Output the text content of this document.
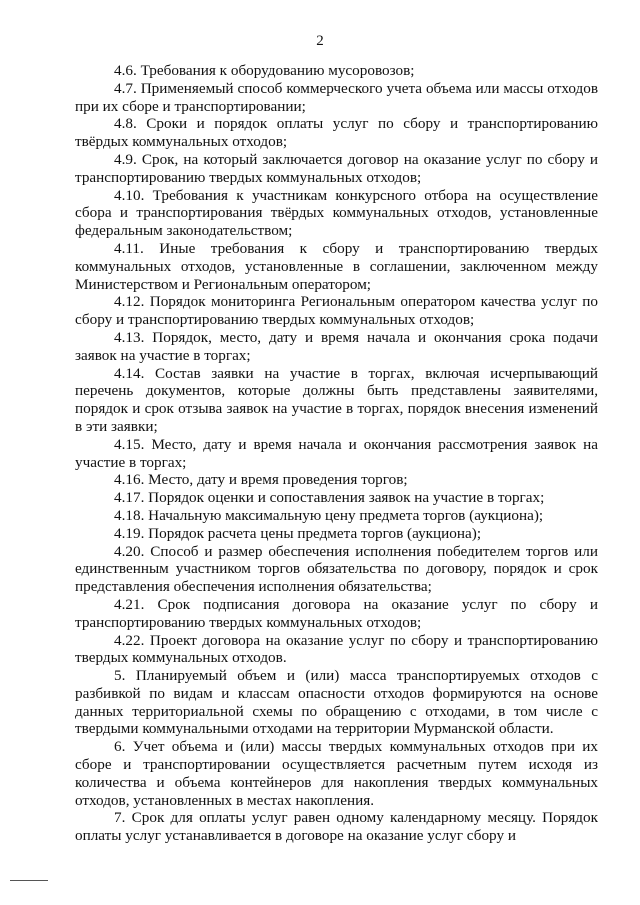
2

4.6. Требования к оборудованию мусоровозов;

4.7. Применяемый способ коммерческого учета объема или массы отходов при их сборе и транспортировании;

4.8. Сроки и порядок оплаты услуг по сбору и транспортированию твёрдых коммунальных отходов;

4.9. Срок, на который заключается договор на оказание услуг по сбору и транспортированию твердых коммунальных отходов;

4.10. Требования к участникам конкурсного отбора на осуществление сбора и транспортирования твёрдых коммунальных отходов, установленные федеральным законодательством;

4.11. Иные требования к сбору и транспортированию твердых коммунальных отходов, установленные в соглашении, заключенном между Министерством и Региональным оператором;

4.12. Порядок мониторинга Региональным оператором качества услуг по сбору и транспортированию твердых коммунальных отходов;

4.13. Порядок, место, дату и время начала и окончания срока подачи заявок на участие в торгах;

4.14. Состав заявки на участие в торгах, включая исчерпывающий перечень документов, которые должны быть представлены заявителями, порядок и срок отзыва заявок на участие в торгах, порядок внесения изменений в эти заявки;

4.15. Место, дату и время начала и окончания рассмотрения заявок на участие в торгах;

4.16. Место, дату и время проведения торгов;

4.17. Порядок оценки и сопоставления заявок на участие в торгах;

4.18. Начальную максимальную цену предмета торгов (аукциона);

4.19. Порядок расчета цены предмета торгов (аукциона);

4.20. Способ и размер обеспечения исполнения победителем торгов или единственным участником торгов обязательства по договору, порядок и срок представления обеспечения исполнения обязательства;

4.21. Срок подписания договора на оказание услуг по сбору и транспортированию твердых коммунальных отходов;

4.22. Проект договора на оказание услуг по сбору и транспортированию твердых коммунальных отходов.

5. Планируемый объем и (или) масса транспортируемых отходов с разбивкой по видам и классам опасности отходов формируются на основе данных территориальной схемы по обращению с отходами, в том числе с твердыми коммунальными отходами на территории Мурманской области.

6. Учет объема и (или) массы твердых коммунальных отходов при их сборе и транспортировании осуществляется расчетным путем исходя из количества и объема контейнеров для накопления твердых коммунальных отходов, установленных в местах накопления.

7. Срок для оплаты услуг равен одному календарному месяцу. Порядок оплаты услуг устанавливается в договоре на оказание услуг сбору и
